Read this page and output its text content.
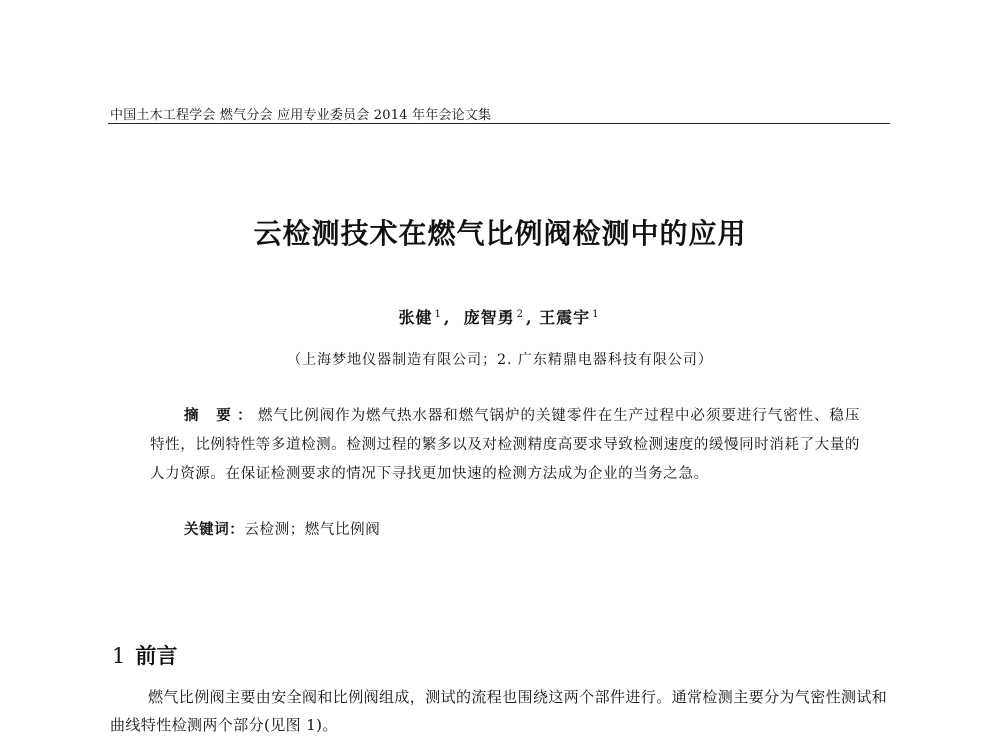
中国土木工程学会 燃气分会 应用专业委员会 2014 年年会论文集
云检测技术在燃气比例阀检测中的应用
张健 $^1$ ,  庞智勇 $^2$ , 王震宇 $^1$
（上海梦地仪器制造有限公司；2. 广东精鼎电器科技有限公司）
摘 要：燃气比例阀作为燃气热水器和燃气锅炉的关键零件在生产过程中必须要进行气密性、稳压特性，比例特性等多道检测。检测过程的繁多以及对检测精度高要求导致检测速度的缓慢同时消耗了大量的人力资源。在保证检测要求的情况下寻找更加快速的检测方法成为企业的当务之急。
关键词：云检测；燃气比例阀
1 前言
燃气比例阀主要由安全阀和比例阀组成，测试的流程也围绕这两个部件进行。通常检测主要分为气密性测试和曲线特性检测两个部分(见图 1)。
